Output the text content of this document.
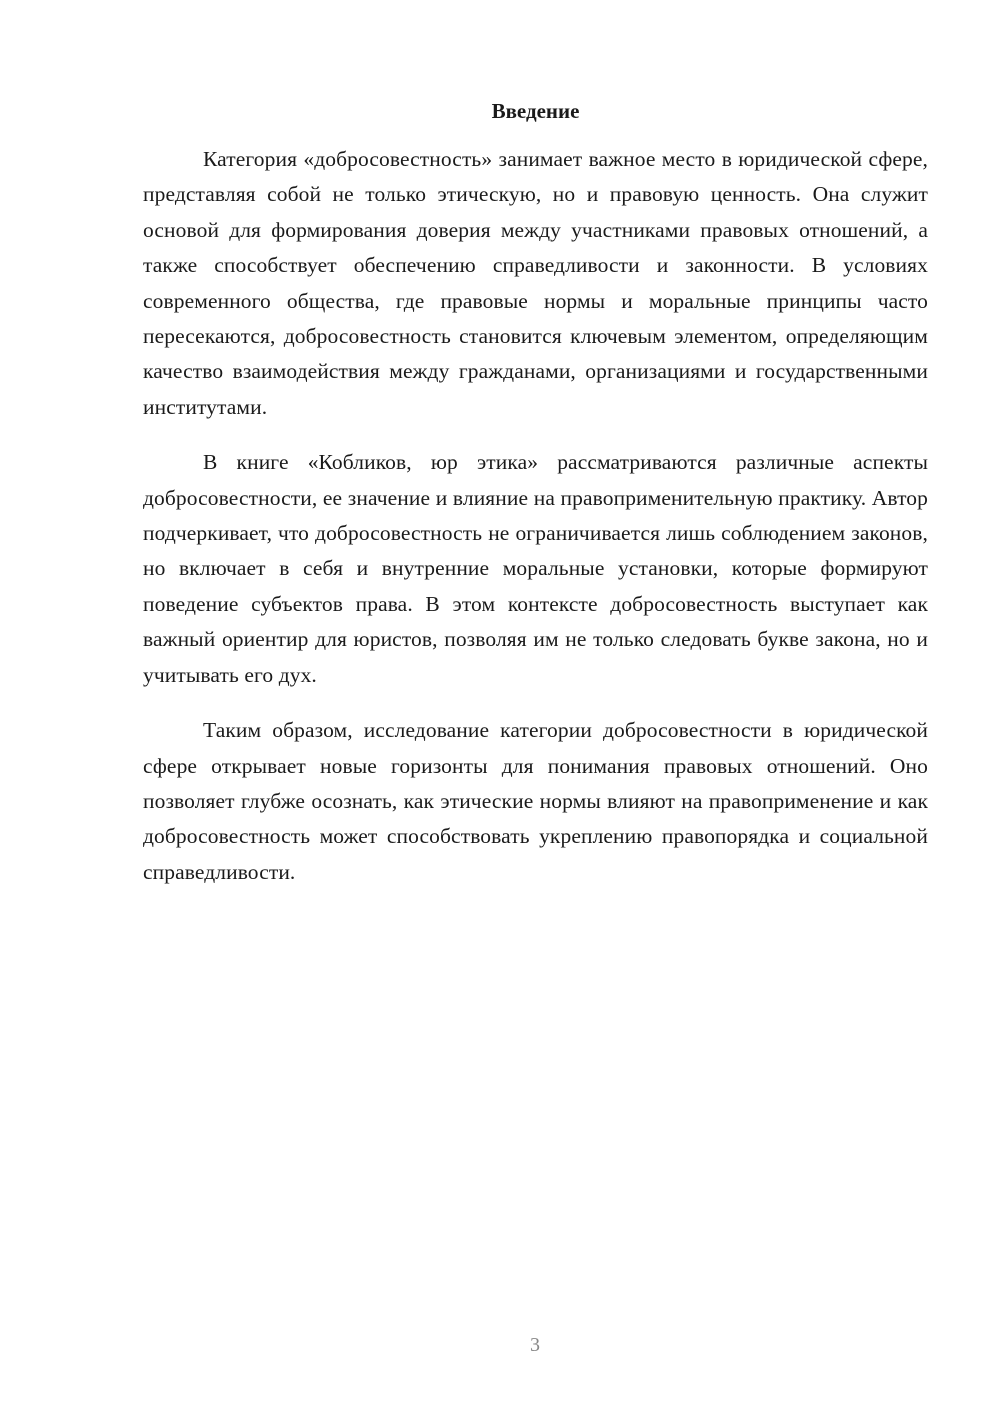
Введение

Категория «добросовестность» занимает важное место в юридической сфере, представляя собой не только этическую, но и правовую ценность. Она служит основой для формирования доверия между участниками правовых отношений, а также способствует обеспечению справедливости и законности. В условиях современного общества, где правовые нормы и моральные принципы часто пересекаются, добросовестность становится ключевым элементом, определяющим качество взаимодействия между гражданами, организациями и государственными институтами.

В книге «Кобликов, юр этика» рассматриваются различные аспекты добросовестности, ее значение и влияние на правоприменительную практику. Автор подчеркивает, что добросовестность не ограничивается лишь соблюдением законов, но включает в себя и внутренние моральные установки, которые формируют поведение субъектов права. В этом контексте добросовестность выступает как важный ориентир для юристов, позволяя им не только следовать букве закона, но и учитывать его дух.

Таким образом, исследование категории добросовестности в юридической сфере открывает новые горизонты для понимания правовых отношений. Оно позволяет глубже осознать, как этические нормы влияют на правоприменение и как добросовестность может способствовать укреплению правопорядка и социальной справедливости.

3
